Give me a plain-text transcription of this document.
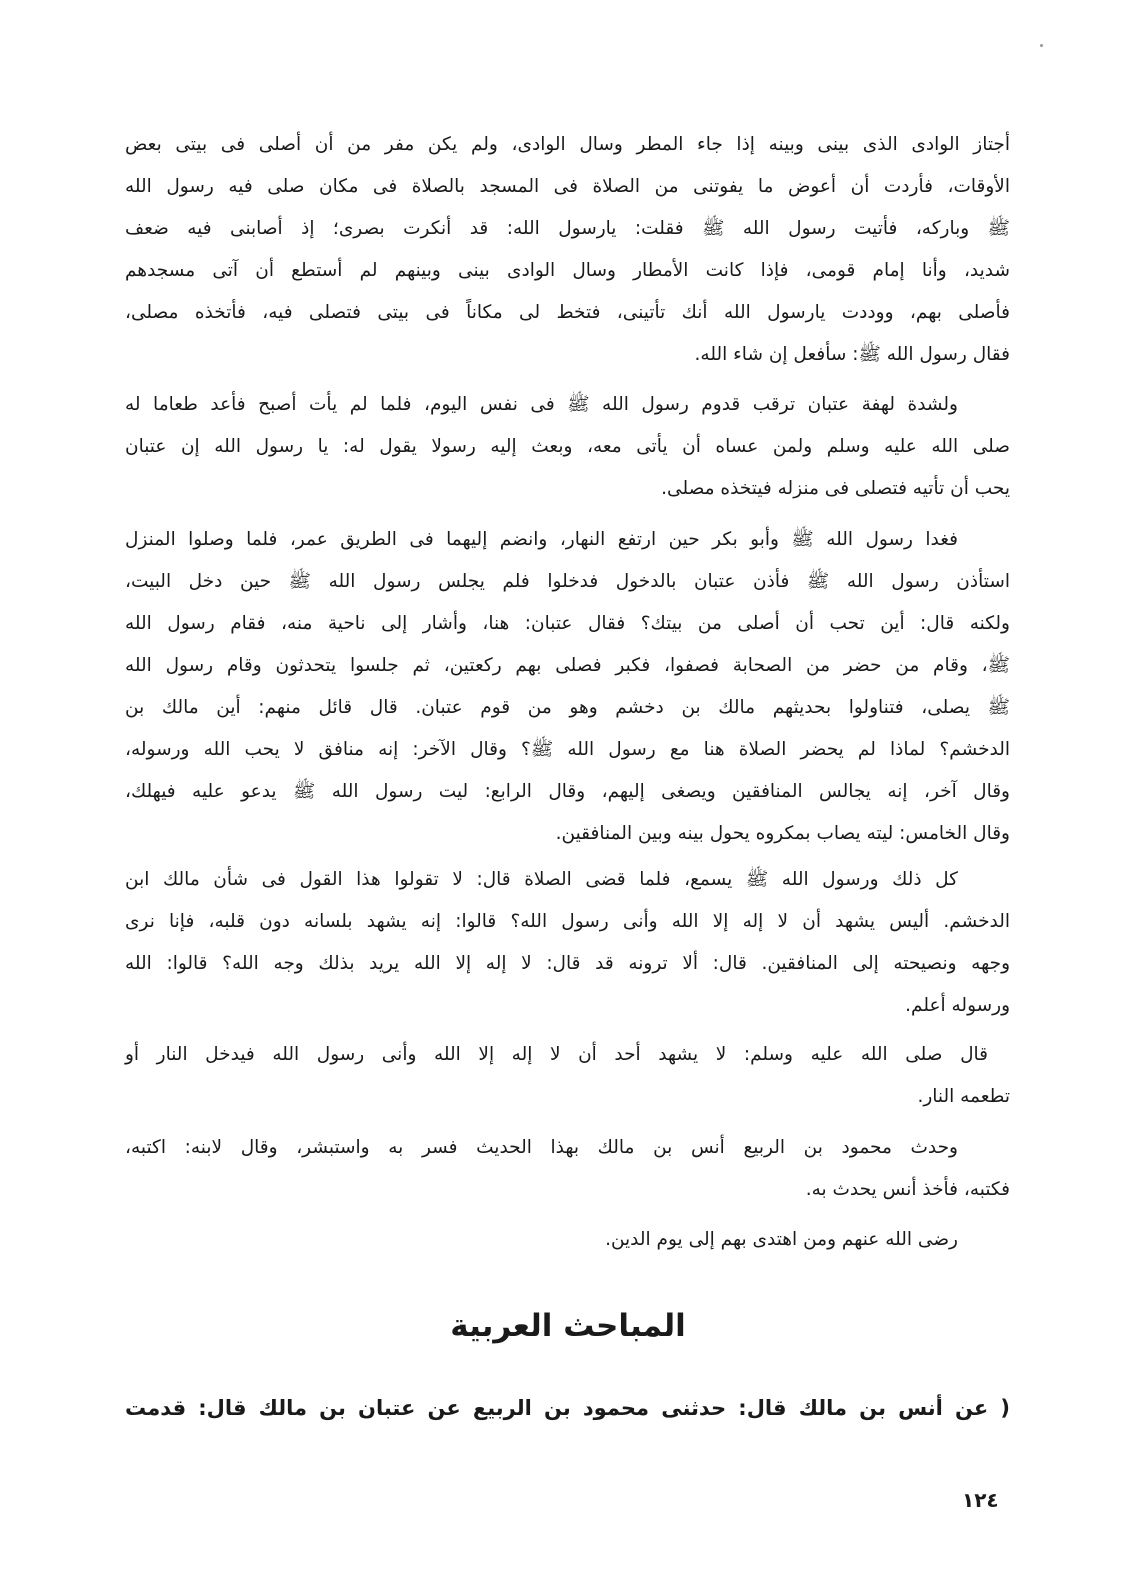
أجتاز الوادى الذى بينى وبينه إذا جاء المطر وسال الوادى، ولم يكن مفر من أن أصلى فى بيتى بعض
الأوقات، فأردت أن أعوض ما يفوتنى من الصلاة فى المسجد بالصلاة فى مكان صلى فيه رسول الله
ﷺ وباركه، فأتيت رسول الله ﷺ فقلت: يارسول الله: قد أنكرت بصرى؛ إذ أصابنى فيه ضعف
شديد، وأنا إمام قومى، فإذا كانت الأمطار وسال الوادى بينى وبينهم لم أستطع أن آتى مسجدهم
فأصلى بهم، ووددت يارسول الله أنك تأتينى، فتخط لى مكاناً فى بيتى فتصلى فيه، فأتخذه مصلى،
فقال رسول الله ﷺ: سأفعل إن شاء الله.
ولشدة لهفة عتبان ترقب قدوم رسول الله ﷺ فى نفس اليوم، فلما لم يأت أصبح فأعد طعاما له
صلى الله عليه وسلم ولمن عساه أن يأتى معه، وبعث إليه رسولا يقول له: يا رسول الله إن عتبان
يحب أن تأتيه فتصلى فى منزله فيتخذه مصلى.
فغدا رسول الله ﷺ وأبو بكر حين ارتفع النهار، وانضم إليهما فى الطريق عمر، فلما وصلوا المنزل
استأذن رسول الله ﷺ فأذن عتبان بالدخول فدخلوا فلم يجلس رسول الله ﷺ حين دخل البيت،
ولكنه قال: أين تحب أن أصلى من بيتك؟ فقال عتبان: هنا، وأشار إلى ناحية منه، فقام رسول الله
ﷺ، وقام من حضر من الصحابة فصفوا، فكبر فصلى بهم ركعتين، ثم جلسوا يتحدثون وقام رسول الله
ﷺ يصلى، فتناولوا بحديثهم مالك بن دخشم وهو من قوم عتبان. قال قائل منهم: أين مالك بن
الدخشم؟ لماذا لم يحضر الصلاة هنا مع رسول الله ﷺ؟ وقال الآخر: إنه منافق لا يحب الله ورسوله،
وقال آخر، إنه يجالس المنافقين ويصغى إليهم، وقال الرابع: ليت رسول الله ﷺ يدعو عليه فيهلك،
وقال الخامس: ليته يصاب بمكروه يحول بينه وبين المنافقين.
كل ذلك ورسول الله ﷺ يسمع، فلما قضى الصلاة قال: لا تقولوا هذا القول فى شأن مالك ابن
الدخشم. أليس يشهد أن لا إله إلا الله وأنى رسول الله؟ قالوا: إنه يشهد بلسانه دون قلبه، فإنا نرى
وجهه ونصيحته إلى المنافقين. قال: ألا ترونه قد قال: لا إله إلا الله يريد بذلك وجه الله؟ قالوا: الله
ورسوله أعلم.
قال صلى الله عليه وسلم: لا يشهد أحد أن لا إله إلا الله وأنى رسول الله فيدخل النار أو
تطعمه النار.
وحدث محمود بن الربيع أنس بن مالك بهذا الحديث فسر به واستبشر، وقال لابنه: اكتبه،
فكتبه، فأخذ أنس يحدث به.
رضى الله عنهم ومن اهتدى بهم إلى يوم الدين.
المباحث العربية
( عن أنس بن مالك قال: حدثنى محمود بن الربيع عن عتبان بن مالك قال: قدمت
١٢٤
